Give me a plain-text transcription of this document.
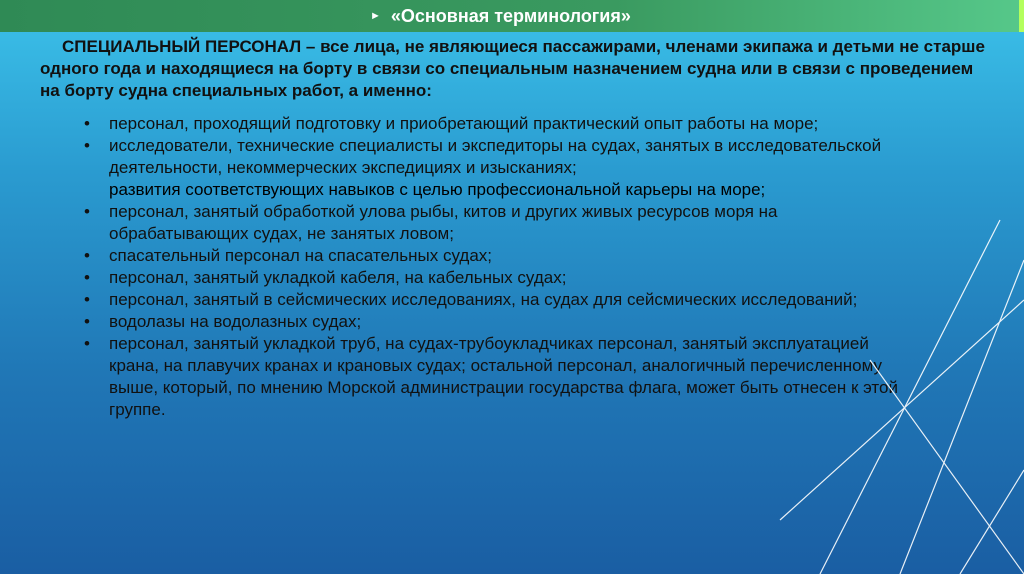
► «Основная терминология»
СПЕЦИАЛЬНЫЙ ПЕРСОНАЛ – все лица, не являющиеся пассажирами, членами экипажа и детьми не старше одного года и находящиеся на борту в связи со специальным назначением судна или в связи с проведением на борту судна специальных работ, а именно:
• персонал, проходящий подготовку и приобретающий практический опыт работы на море;
• исследователи, технические специалисты и экспедиторы на судах, занятых в исследовательской деятельности, некоммерческих экспедициях и изысканиях;
развития соответствующих навыков с целью профессиональной карьеры на море;
• персонал, занятый обработкой улова рыбы, китов и других живых ресурсов моря на обрабатывающих судах, не занятых ловом;
• спасательный персонал на спасательных судах;
• персонал, занятый укладкой кабеля, на кабельных судах;
• персонал, занятый в сейсмических исследованиях, на судах для сейсмических исследований;
• водолазы на водолазных судах;
• персонал, занятый укладкой труб, на судах-трубоукладчиках персонал, занятый эксплуатацией крана, на плавучих кранах и крановых судах; остальной персонал, аналогичный перечисленному выше, который, по мнению Морской администрации государства флага, может быть отнесен к этой группе.
